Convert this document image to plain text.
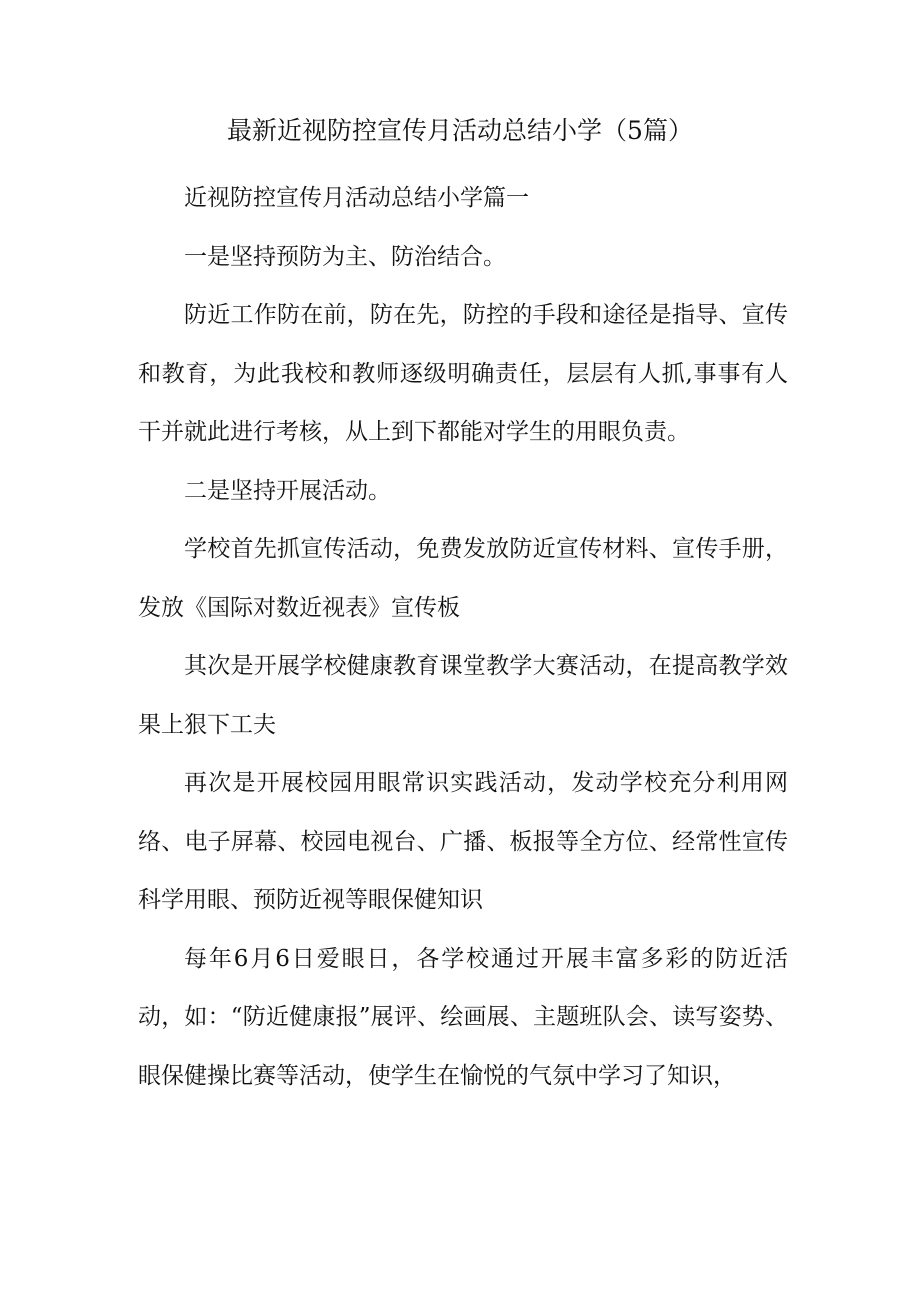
最新近视防控宣传月活动总结小学（5篇）

近视防控宣传月活动总结小学篇一

一是坚持预防为主、防治结合。

防近工作防在前，防在先，防控的手段和途径是指导、宣传和教育，为此我校和教师逐级明确责任，层层有人抓,事事有人干并就此进行考核，从上到下都能对学生的用眼负责。

二是坚持开展活动。

学校首先抓宣传活动，免费发放防近宣传材料、宣传手册，发放《国际对数近视表》宣传板

其次是开展学校健康教育课堂教学大赛活动，在提高教学效果上狠下工夫

再次是开展校园用眼常识实践活动，发动学校充分利用网络、电子屏幕、校园电视台、广播、板报等全方位、经常性宣传科学用眼、预防近视等眼保健知识

每年6月6日爱眼日，各学校通过开展丰富多彩的防近活动，如：“防近健康报”展评、绘画展、主题班队会、读写姿势、眼保健操比赛等活动，使学生在愉悦的气氛中学习了知识，
